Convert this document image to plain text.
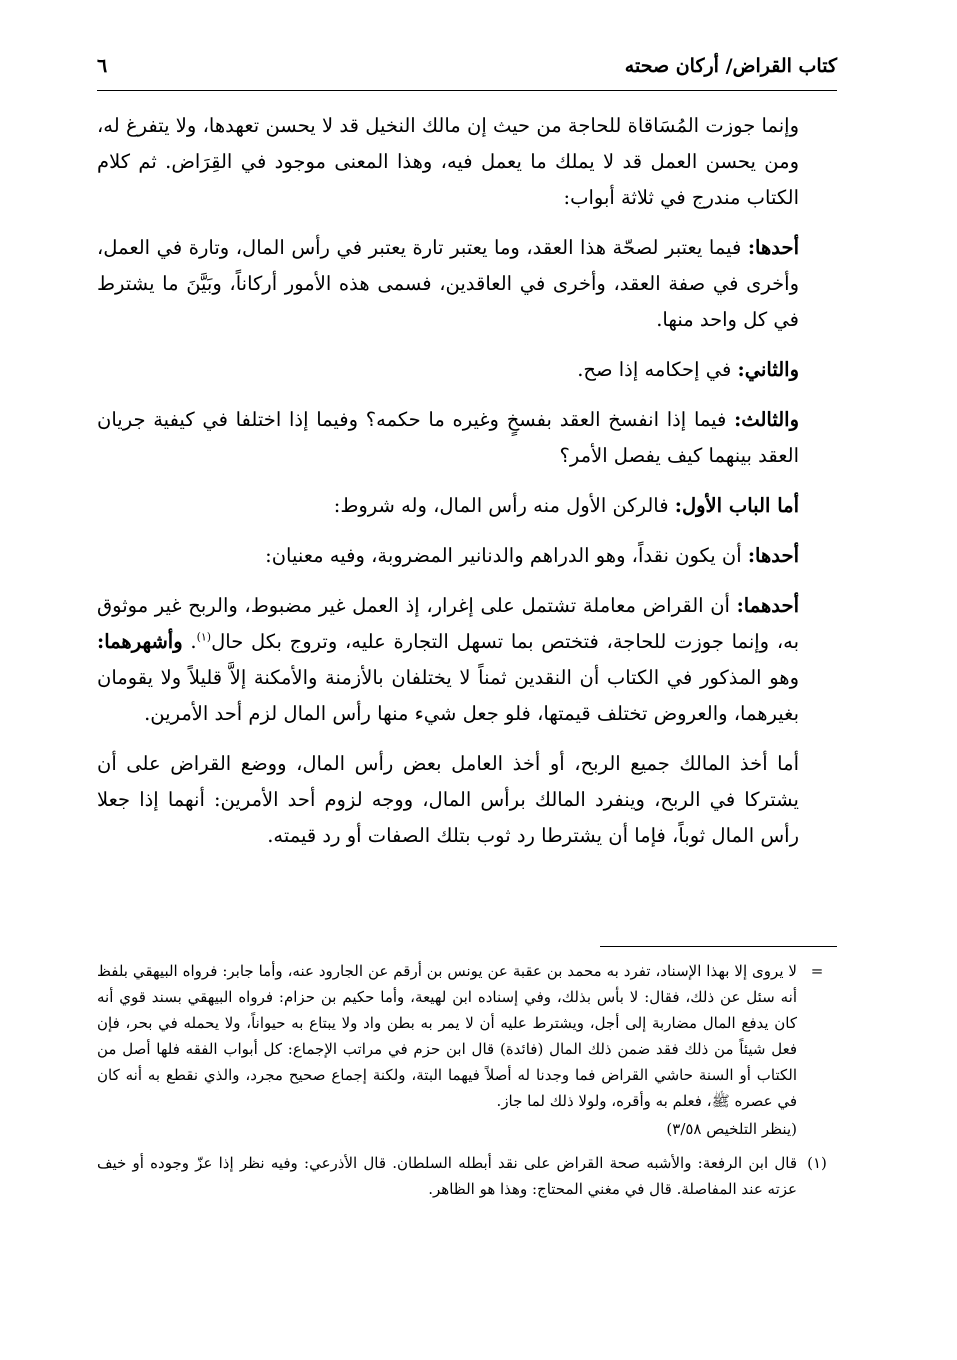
كتاب القراض/ أركان صحته
٦

وإنما جوزت المُسَاقاة للحاجة من حيث إن مالك النخيل قد لا يحسن تعهدها، ولا يتفرغ له، ومن يحسن العمل قد لا يملك ما يعمل فيه، وهذا المعنى موجود في القِرَاض. ثم كلام الكتاب مندرج في ثلاثة أبواب:

أحدها: فيما يعتبر لصحّة هذا العقد، وما يعتبر تارة يعتبر في رأس المال، وتارة في العمل، وأخرى في صفة العقد، وأخرى في العاقدين، فسمى هذه الأمور أركاناً، وبَيَّنَ ما يشترط في كل واحد منها.

والثاني: في إحكامه إذا صح.

والثالث: فيما إذا انفسخ العقد بفسخٍ وغيره ما حكمه؟ وفيما إذا اختلفا في كيفية جريان العقد بينهما كيف يفصل الأمر؟

أما الباب الأول: فالركن الأول منه رأس المال، وله شروط:

أحدها: أن يكون نقداً، وهو الدراهم والدنانير المضروبة، وفيه معنيان:

أحدهما: أن القراض معاملة تشتمل على إغرار، إذ العمل غير مضبوط، والربح غير موثوق به، وإنما جوزت للحاجة، فتختص بما تسهل التجارة عليه، وتروج بكل حال$^{(١)}$. وأشهرهما: وهو المذكور في الكتاب أن النقدين ثمناً لا يختلفان بالأزمنة والأمكنة إلاَّ قليلاً ولا يقومان بغيرهما، والعروض تختلف قيمتها، فلو جعل شيء منها رأس المال لزم أحد الأمرين.

أما أخذ المالك جميع الربح، أو أخذ العامل بعض رأس المال، ووضع القراض على أن يشتركا في الربح، وينفرد المالك برأس المال، ووجه لزوم أحد الأمرين: أنهما إذا جعلا رأس المال ثوباً، فإما أن يشترطا رد ثوب بتلك الصفات أو رد قيمته.

=
لا يروى إلا بهذا الإسناد، تفرد به محمد بن عقبة عن يونس بن أرقم عن الجارود عنه، وأما جابر: فرواه البيهقي بلفظ أنه سئل عن ذلك، فقال: لا بأس بذلك، وفي إسناده ابن لهيعة، وأما حكيم بن حزام: فرواه البيهقي بسند قوي أنه كان يدفع المال مضاربة إلى أجل، ويشترط عليه أن لا يمر به بطن واد ولا يبتاع به حيواناً، ولا يحمله في بحر، فإن فعل شيئاً من ذلك فقد ضمن ذلك المال (فائدة) قال ابن حزم في مراتب الإجماع: كل أبواب الفقه فلها أصل من الكتاب أو السنة حاشي القراض فما وجدنا له أصلاً فيهما البتة، ولكنة إجماع صحيح مجرد، والذي نقطع به أنه كان في عصره ﷺ، فعلم به وأقره، ولولا ذلك لما جاز.
(ينظر التلخيص ٣/٥٨)
(١)
قال ابن الرفعة: والأشبه صحة القراض على نقد أبطله السلطان. قال الأذرعي: وفيه نظر إذا عزّ وجوده أو خيف عزته عند المفاصلة. قال في مغني المحتاج: وهذا هو الظاهر.
